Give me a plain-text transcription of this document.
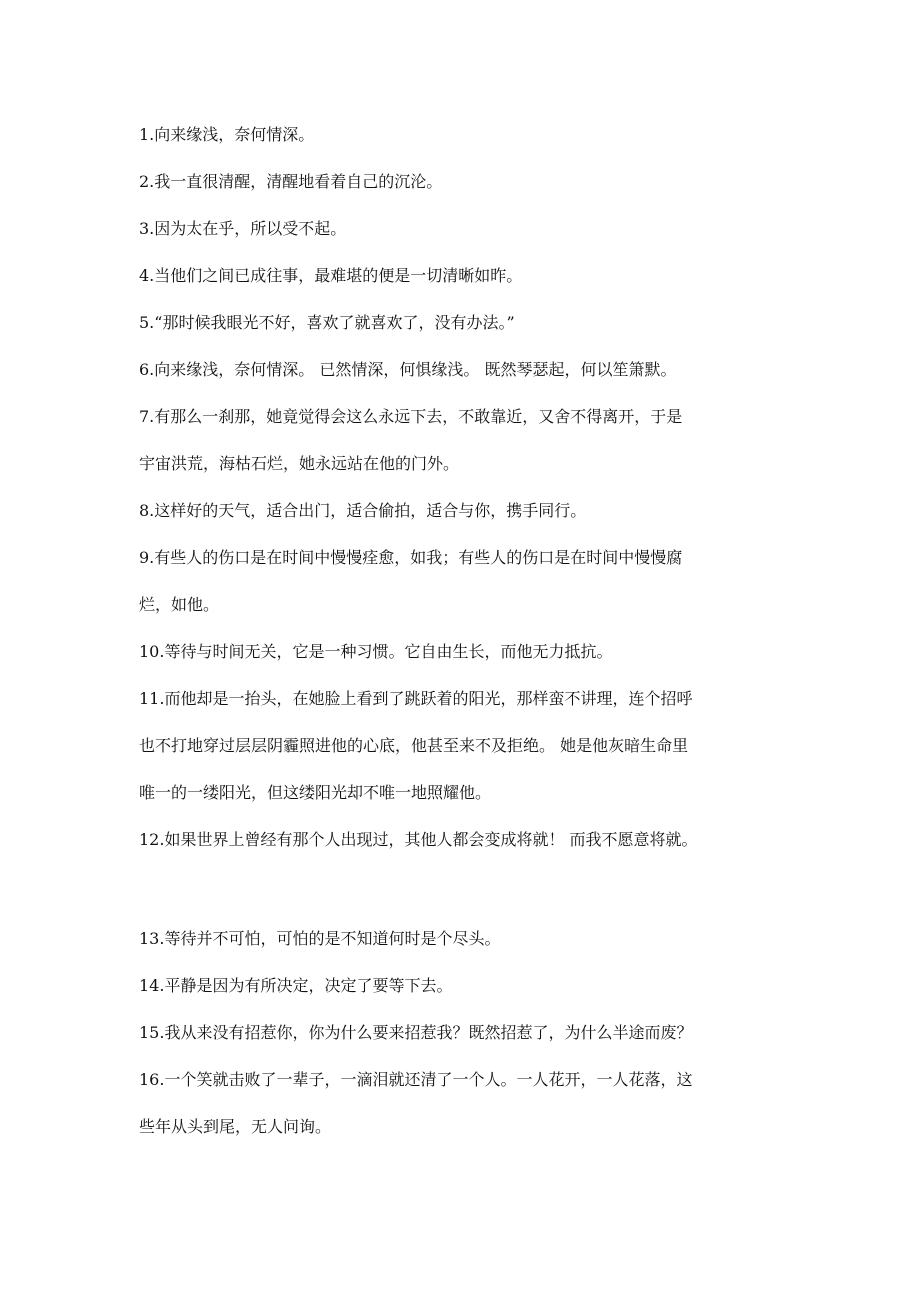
1.向来缘浅，奈何情深。
2.我一直很清醒，清醒地看着自己的沉沦。
3.因为太在乎，所以受不起。
4.当他们之间已成往事，最难堪的便是一切清晰如昨。
5.“那时候我眼光不好，喜欢了就喜欢了，没有办法。”
6.向来缘浅，奈何情深。 已然情深，何惧缘浅。 既然琴瑟起，何以笙箫默。
7.有那么一刹那，她竟觉得会这么永远下去，不敢靠近，又舍不得离开，于是
宇宙洪荒，海枯石烂，她永远站在他的门外。
8.这样好的天气，适合出门，适合偷拍，适合与你，携手同行。
9.有些人的伤口是在时间中慢慢痊愈，如我；有些人的伤口是在时间中慢慢腐
烂，如他。
10.等待与时间无关，它是一种习惯。它自由生长，而他无力抵抗。
11.而他却是一抬头，在她脸上看到了跳跃着的阳光，那样蛮不讲理，连个招呼
也不打地穿过层层阴霾照进他的心底，他甚至来不及拒绝。 她是他灰暗生命里
唯一的一缕阳光，但这缕阳光却不唯一地照耀他。
12.如果世界上曾经有那个人出现过，其他人都会变成将就！ 而我不愿意将就。
13.等待并不可怕，可怕的是不知道何时是个尽头。
14.平静是因为有所决定，决定了要等下去。
15.我从来没有招惹你，你为什么要来招惹我？既然招惹了，为什么半途而废？
16.一个笑就击败了一辈子，一滴泪就还清了一个人。一人花开，一人花落，这
些年从头到尾，无人问询。
